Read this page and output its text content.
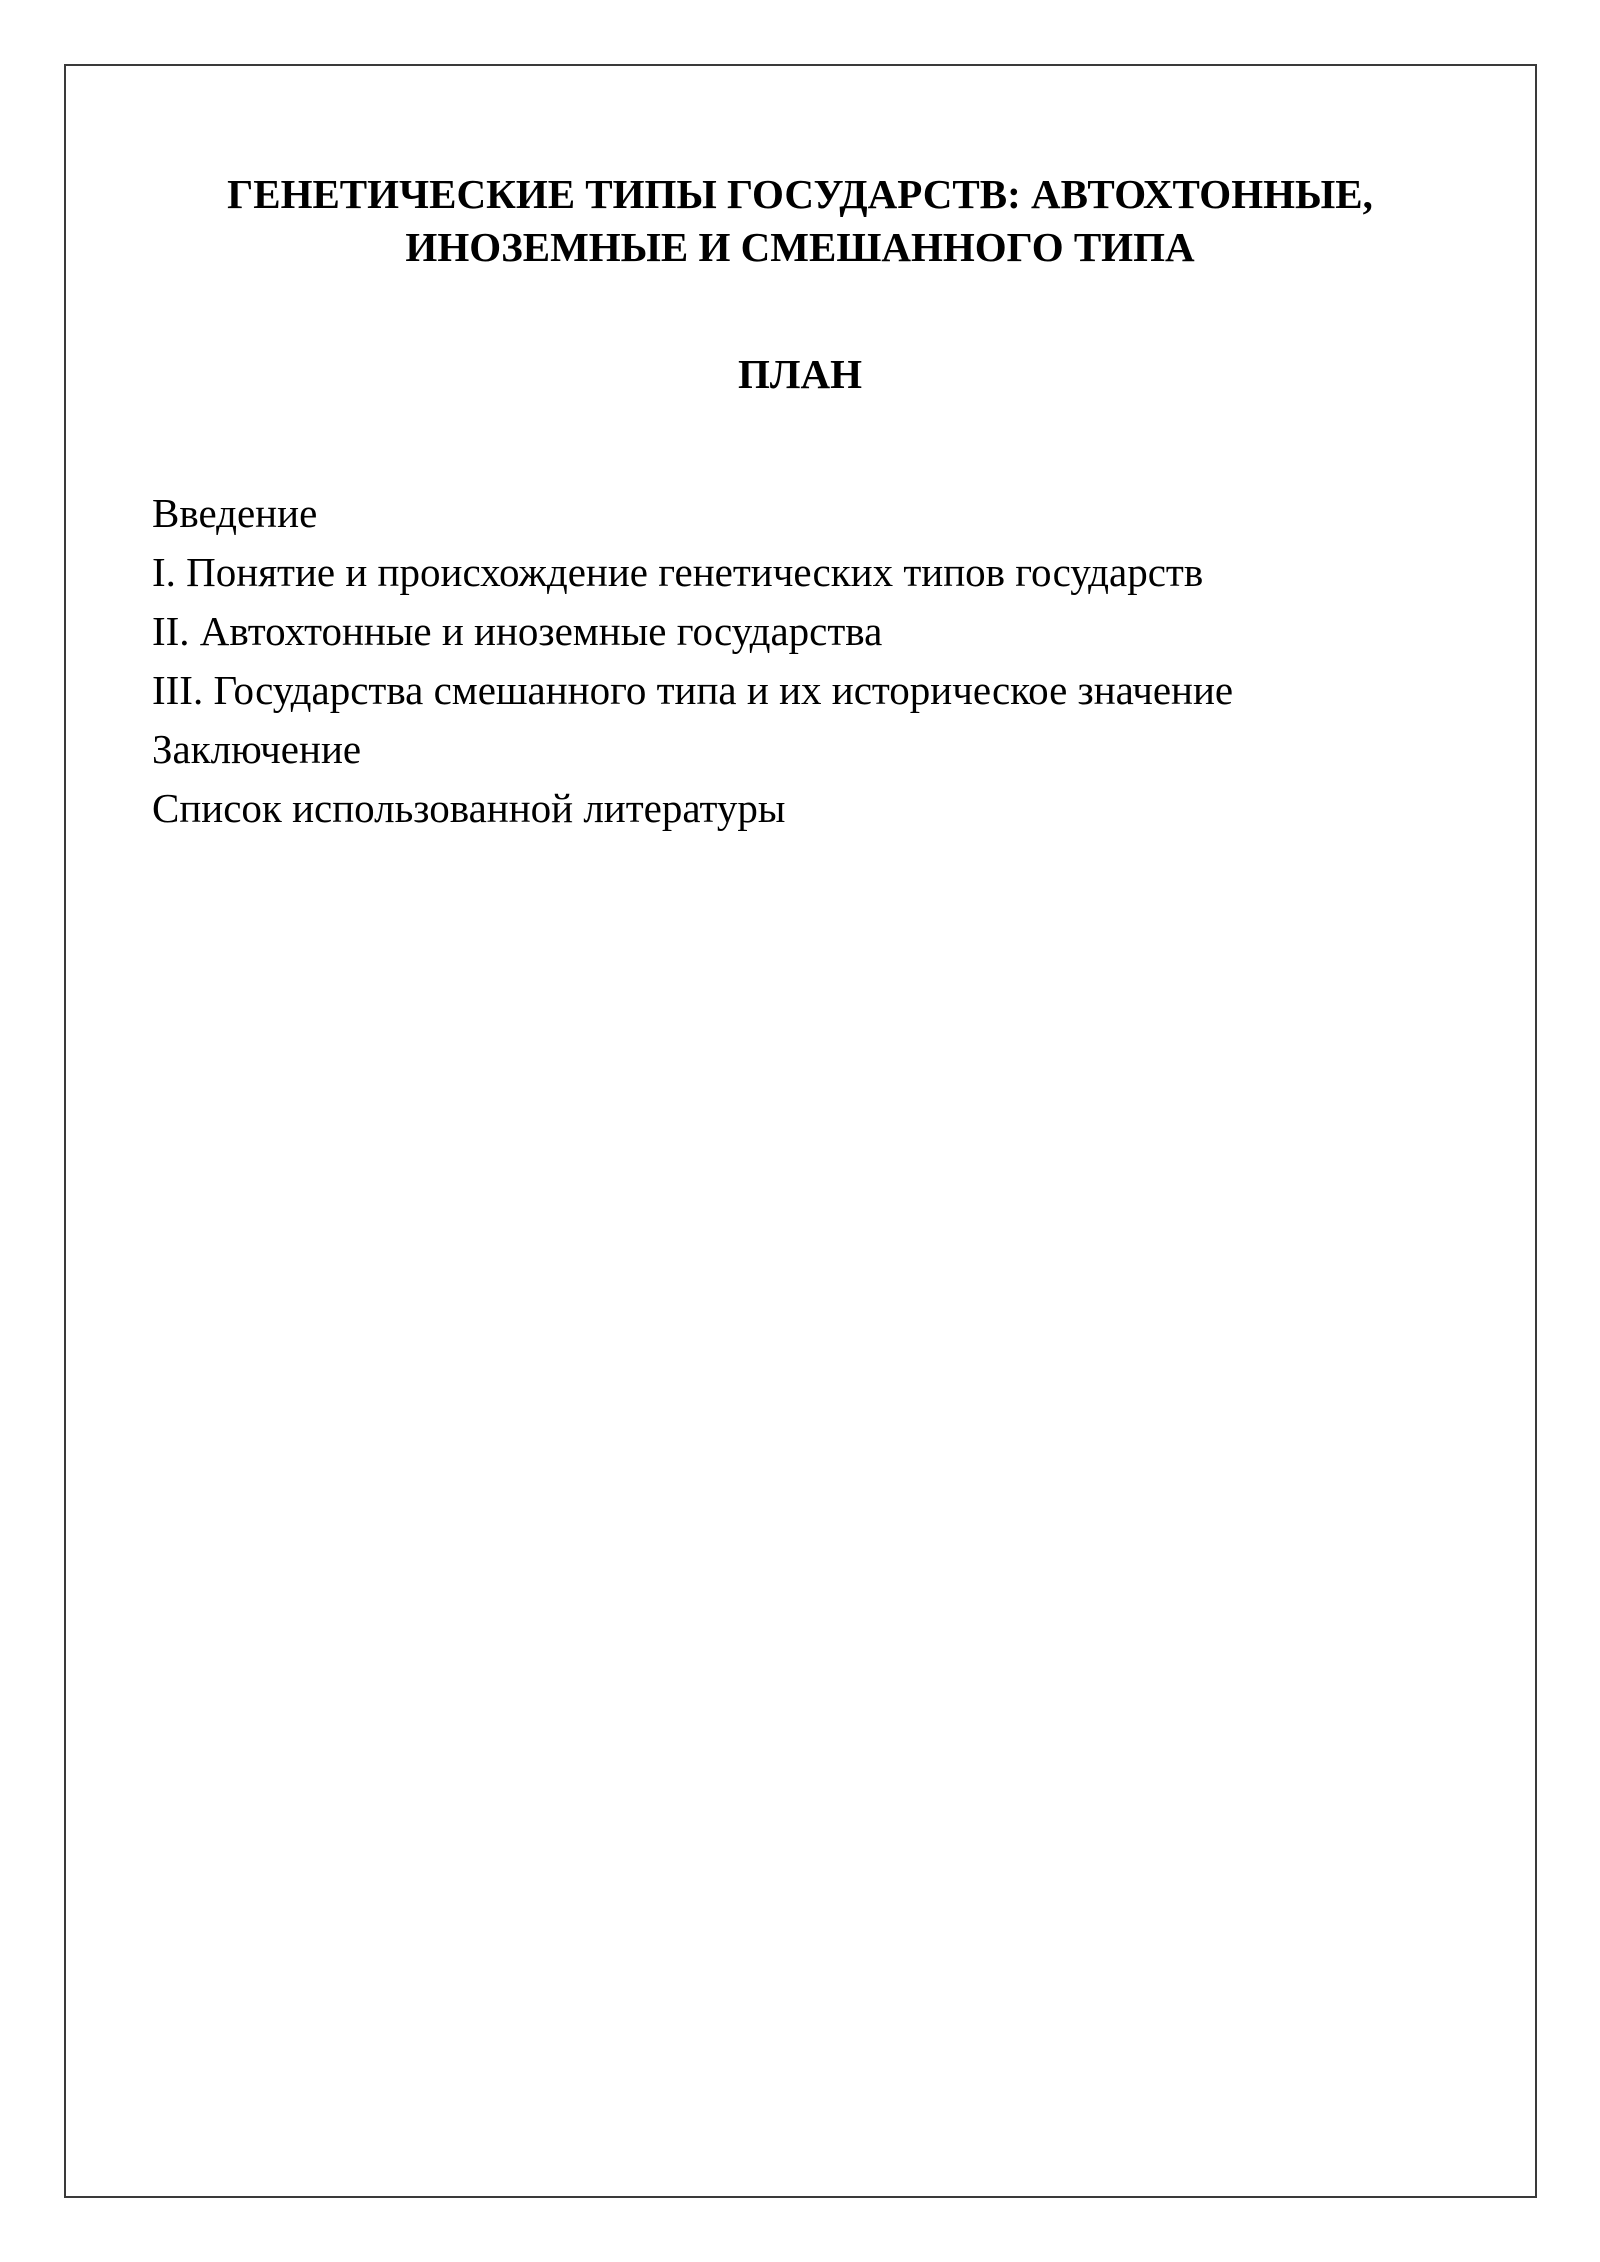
ГЕНЕТИЧЕСКИЕ ТИПЫ ГОСУДАРСТВ: АВТОХТОННЫЕ,
ИНОЗЕМНЫЕ И СМЕШАННОГО ТИПА
ПЛАН
Введение
I. Понятие и происхождение генетических типов государств
II. Автохтонные и иноземные государства
III. Государства смешанного типа и их историческое значение
Заключение
Список использованной литературы
